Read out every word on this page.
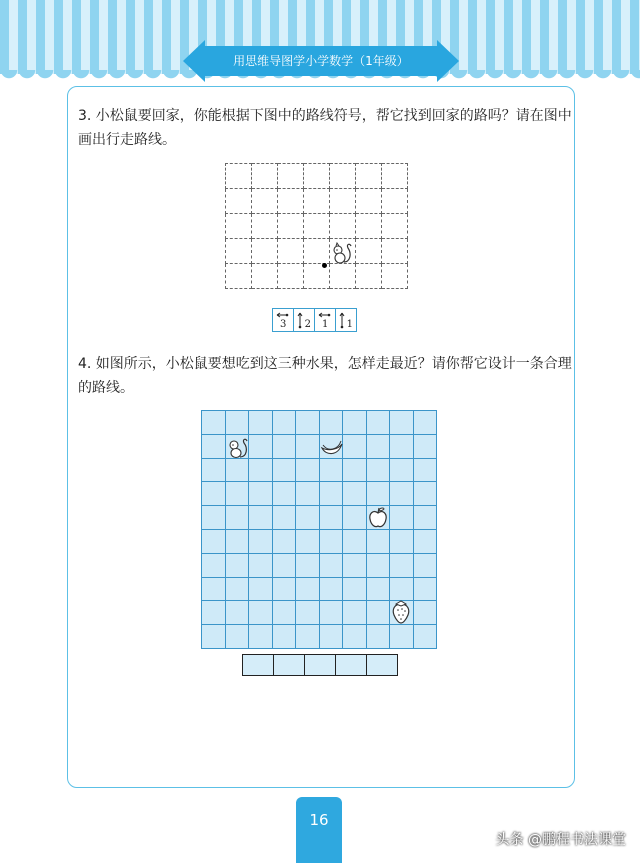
用思维导图学小学数学（1年级）
3. 小松鼠要回家，你能根据下图中的路线符号，帮它找到回家的路吗？请在图中画出行走路线。

3 2 1 1
4. 如图所示，小松鼠要想吃到这三种水果，怎样走最近？请你帮它设计一条合理的路线。

16
头条 @鹏程书法课堂
